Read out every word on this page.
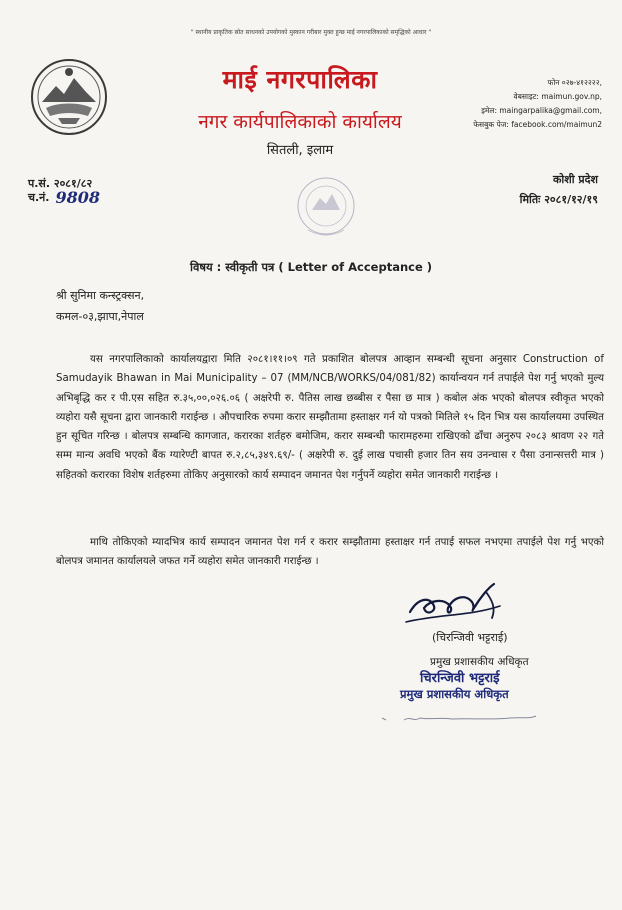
" स्थानीय प्राकृतिक स्रोत साधनको उपयोगको मुस्कान गरीबार मुक्त हुन्छ माई नगरपालिकाको समृद्धिको आधार "
माई नगरपालिका
नगर कार्यपालिकाको कार्यालय
सितली, इलाम
फोन ०२७-४१२२२२,
वेबसाइट: maimun.gov.np,
इमेल: maingarpalika@gmail.com,
फेसबुक पेज: facebook.com/maimun2
प.सं. २०८१/८२
च.नं. 9808
कोशी प्रदेश
मितिः २०८१/१२/१९
विषय : स्वीकृती पत्र ( Letter of Acceptance )
श्री सुनिमा कन्स्ट्रक्सन,
कमल-०३,झापा,नेपाल
यस नगरपालिकाको कार्यालयद्वारा मिति २०८१।११।०९ गते प्रकाशित बोलपत्र आव्हान सम्बन्धी सूचना अनुसार Construction of Samudayik Bhawan in Mai Municipality – 07 (MM/NCB/WORKS/04/081/82) कार्यान्वयन गर्न तपाईले पेश गर्नु भएको मुल्य अभिबृद्धि कर र पी.एस सहित रु.३५,००,०२६.०६ ( अक्षरेपी रु. पैतिस लाख छब्बीस र पैसा छ मात्र ) कबोल अंक भएको बोलपत्र स्वीकृत भएको व्यहोरा यसै सूचना द्वारा जानकारी गराईन्छ । औपचारिक रुपमा करार सम्झौतामा हस्ताक्षर गर्न यो पत्रको मितिले १५ दिन भित्र यस कार्यालयमा उपस्थित हुन सूचित गरिन्छ । बोलपत्र सम्बन्धि कागजात, करारका शर्तहरु बमोजिम, करार सम्बन्धी फारामहरुमा राखिएको ढाँचा अनुरुप २०८३ श्रावण २२ गते सम्म मान्य अवधि भएको बैंक ग्यारेण्टी बापत रु.२,८५,३४९.६९/- ( अक्षरेपी रु. दुई लाख पचासी हजार तिन सय उनन्चास र पैसा उनान्सत्तरी मात्र ) सहितको करारका विशेष शर्तहरुमा तोकिए अनुसारको कार्य सम्पादन जमानत पेश गर्नुपर्ने व्यहोरा समेत जानकारी गराईन्छ ।
माथि तोकिएको म्यादभित्र कार्य सम्पादन जमानत पेश गर्न र करार सम्झौतामा हस्ताक्षर गर्न तपाई सफल नभएमा तपाईले पेश गर्नु भएको बोलपत्र जमानत कार्यालयले जफत गर्ने व्यहोरा समेत जानकारी गराईन्छ ।
(चिरन्जिवी भट्टराई)
प्रमुख प्रशासकीय अधिकृत
चिरन्जिवी भट्टराई
प्रमुख प्रशासकीय अधिकृत
